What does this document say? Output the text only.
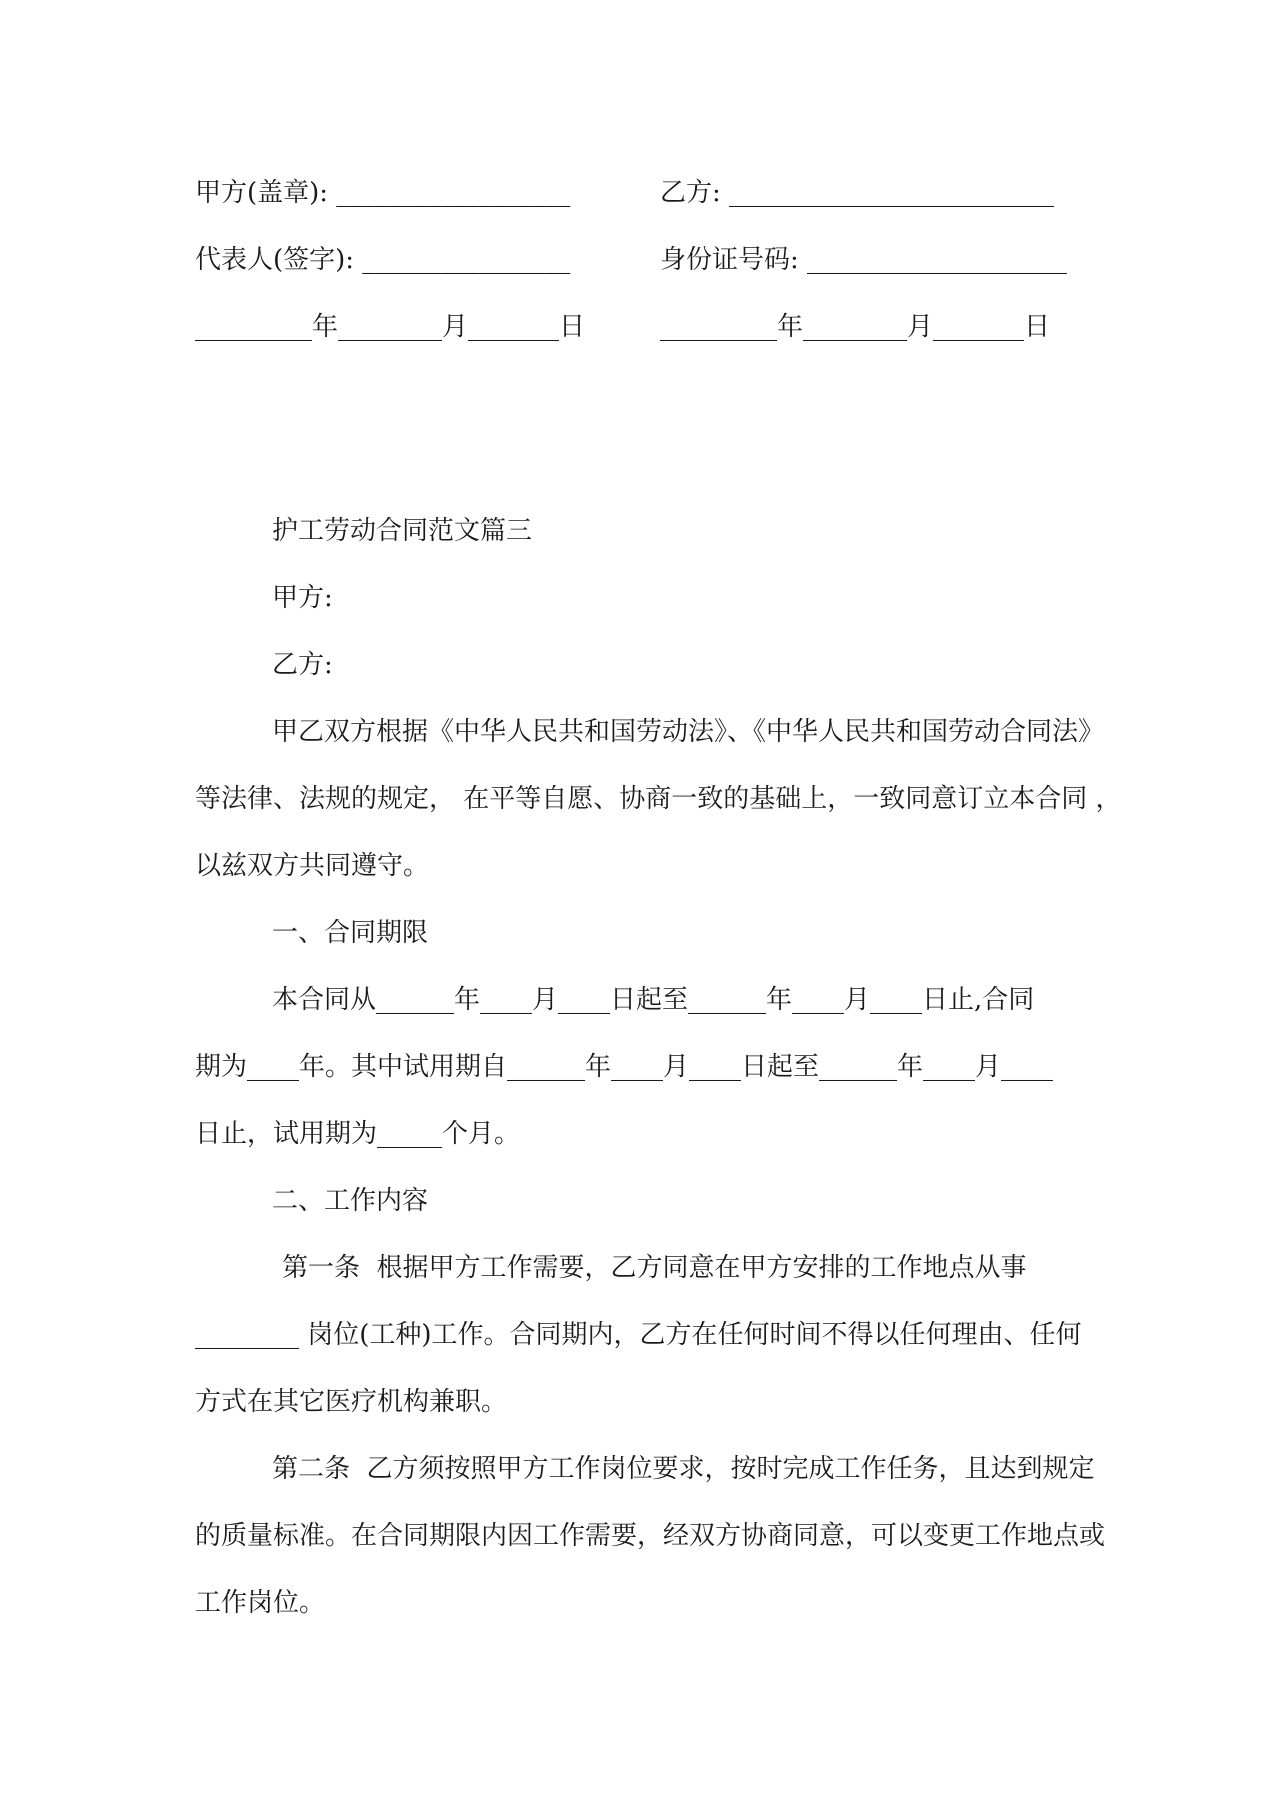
甲方(盖章): __________________	乙方: _________________________
代表人(签字): ________________	身份证号码: ____________________
_________年________月_______日	_________年________月_______日
护工劳动合同范文篇三
甲方:
乙方:
甲乙双方根据《中华人民共和国劳动法》、《中华人民共和国劳动合同法》
等法律、法规的规定， 在平等自愿、协商一致的基础上，一致同意订立本合同 ，
以兹双方共同遵守。
一、合同期限
本合同从______年____月____日起至______年____月____日止,合同
期为____年。其中试用期自______年____月____日起至______年____月____
日止，试用期为_____个月。
二、工作内容
第一条  根据甲方工作需要，乙方同意在甲方安排的工作地点从事
________ 岗位(工种)工作。合同期内，乙方在任何时间不得以任何理由、任何
方式在其它医疗机构兼职。
第二条  乙方须按照甲方工作岗位要求，按时完成工作任务，且达到规定
的质量标准。在合同期限内因工作需要，经双方协商同意，可以变更工作地点或
工作岗位。
